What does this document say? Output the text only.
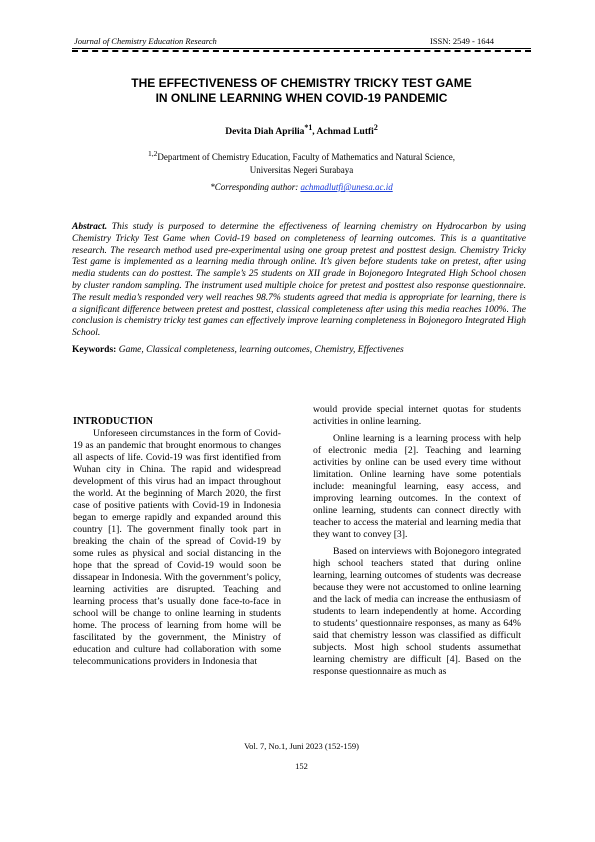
Journal of Chemistry Education Research	ISSN: 2549 - 1644
THE EFFECTIVENESS OF CHEMISTRY TRICKY TEST GAME
IN ONLINE LEARNING WHEN COVID-19 PANDEMIC
Devita Diah Aprilia$^{*1}$, Achmad Lutfi$^2$
$^{1,2}$Department of Chemistry Education, Faculty of Mathematics and Natural Science,
Universitas Negeri Surabaya
*Corresponding author: achmadlutfi@unesa.ac.id

Abstract. This study is purposed to determine the effectiveness of learning chemistry on Hydrocarbon by using Chemistry Tricky Test Game when Covid-19 based on completeness of learning outcomes. This is a quantitative research. The research method used pre-experimental using one group pretest and posttest design. Chemistry Tricky Test game is implemented as a learning media through online. It’s given before students take on pretest, after using media students can do posttest. The sample’s 25 students on XII grade in Bojonegoro Integrated High School chosen by cluster random sampling. The instrument used multiple choice for pretest and posttest also response questionnaire. The result media’s responded very well reaches 98.7% students agreed that media is appropriate for learning, there is a significant difference between pretest and posttest, classical completeness after using this media reaches 100%. The conclusion is chemistry tricky test games can effectively improve learning completeness in Bojonegoro Integrated High School.

Keywords: Game, Classical completeness, learning outcomes, Chemistry, Effectivenes

INTRODUCTION

Unforeseen circumstances in the form of Covid-19 as an pandemic that brought enormous to changes all aspects of life. Covid-19 was first identified from Wuhan city in China. The rapid and widespread development of this virus had an impact throughout the world. At the beginning of March 2020, the first case of positive patients with Covid-19 in Indonesia began to emerge rapidly and expanded around this country [1]. The government finally took part in breaking the chain of the spread of Covid-19 by some rules as physical and social distancing in the hope that the spread of Covid-19 would soon be dissapear in Indonesia. With the government’s policy, learning activities are disrupted. Teaching and learning process that’s usually done face-to-face in school will be change to online learning in students home. The process of learning from home will be fascilitated by the government, the Ministry of education and culture had collaboration with some telecommunications providers in Indonesia that

would provide special internet quotas for students activities in online learning.

Online learning is a learning process with help of electronic media [2]. Teaching and learning activities by online can be used every time without limitation. Online learning have some potentials include: meaningful learning, easy access, and improving learning outcomes. In the context of online learning, students can connect directly with teacher to access the material and learning media that they want to convey [3].

Based on interviews with Bojonegoro integrated high school teachers stated that during online learning, learning outcomes of students was decrease because they were not accustomed to online learning and the lack of media can increase the enthusiasm of students to learn independently at home. According to students’ questionnaire responses, as many as 64% said that chemistry lesson was classified as difficult subjects. Most high school students assumethat learning chemistry are difficult [4]. Based on the response questionnaire as much as

Vol. 7, No.1, Juni 2023 (152-159)
152
